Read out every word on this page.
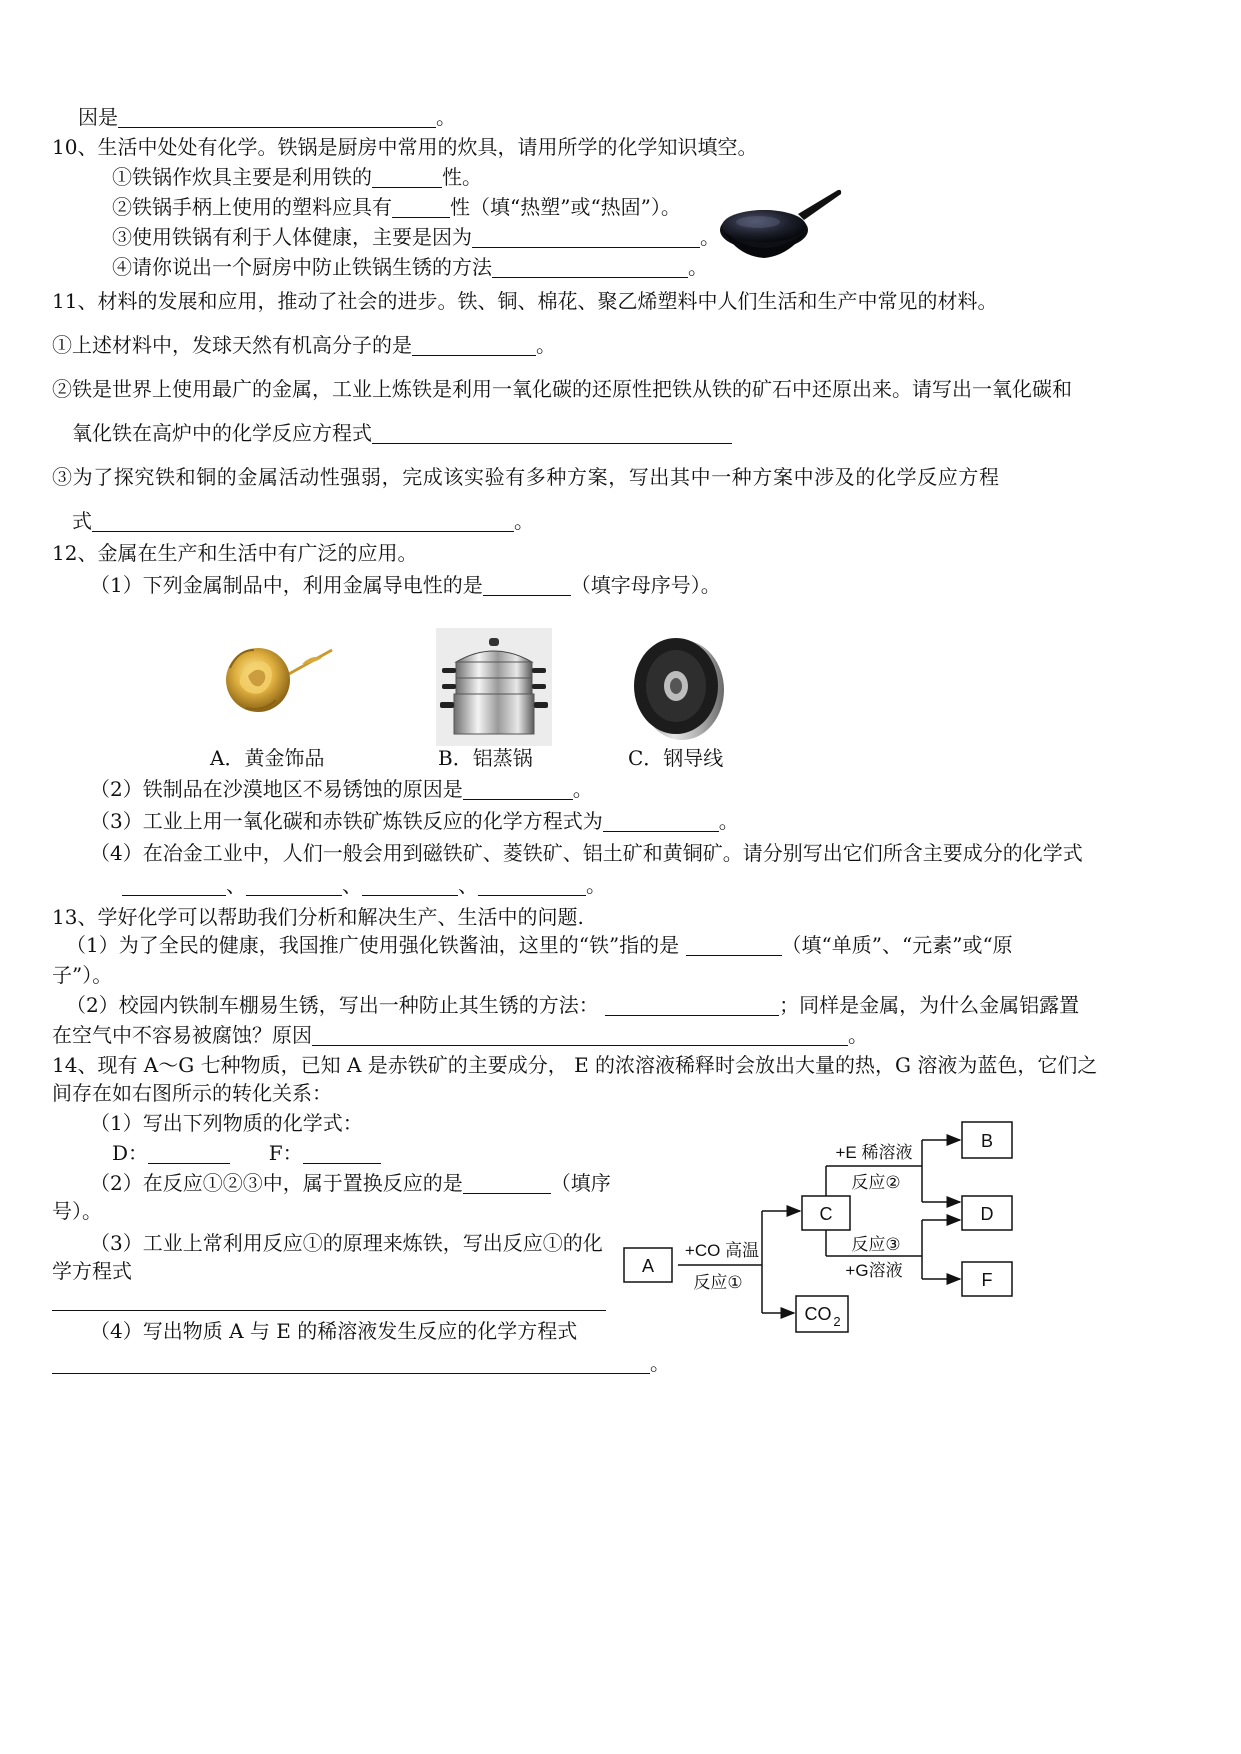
因是	。
10、生活中处处有化学。铁锅是厨房中常用的炊具，请用所学的化学知识填空。
①铁锅作炊具主要是利用铁的	性。
②铁锅手柄上使用的塑料应具有	性（填“热塑”或“热固”）。
③使用铁锅有利于人体健康，主要是因为	。
④请你说出一个厨房中防止铁锅生锈的方法	。
11、材料的发展和应用，推动了社会的进步。铁、铜、棉花、聚乙烯塑料中人们生活和生产中常见的材料。
①上述材料中，发球天然有机高分子的是	。
②铁是世界上使用最广的金属，工业上炼铁是利用一氧化碳的还原性把铁从铁的矿石中还原出来。请写出一氧化碳和
氧化铁在高炉中的化学反应方程式
③为了探究铁和铜的金属活动性强弱，完成该实验有多种方案，写出其中一种方案中涉及的化学反应方程
式	。
12、金属在生产和生活中有广泛的应用。
（1）下列金属制品中，利用金属导电性的是	（填字母序号）。
A．黄金饰品	B．铝蒸锅	C．钢导线
（2）铁制品在沙漠地区不易锈蚀的原因是	。
（3）工业上用一氧化碳和赤铁矿炼铁反应的化学方程式为	。
（4）在冶金工业中，人们一般会用到磁铁矿、菱铁矿、铝土矿和黄铜矿。请分别写出它们所含主要成分的化学式
、	、	、	。
13、学好化学可以帮助我们分析和解决生产、生活中的问题.
（1）为了全民的健康，我国推广使用强化铁酱油，这里的“铁”指的是	（填“单质”、“元素”或“原
子”）。
（2）校园内铁制车棚易生锈，写出一种防止其生锈的方法：	；同样是金属，为什么金属铝露置
在空气中不容易被腐蚀？原因	。
14、现有 A～G 七种物质，已知 A 是赤铁矿的主要成分， E 的浓溶液稀释时会放出大量的热，G 溶液为蓝色，它们之
间存在如右图所示的转化关系：
（1）写出下列物质的化学式：
D：	F：
（2）在反应①②③中，属于置换反应的是	（填序
号）。
（3）工业上常利用反应①的原理来炼铁，写出反应①的化
学方程式
（4）写出物质 A 与 E 的稀溶液发生反应的化学方程式
。
A
C
B
D
F
CO 2
+CO 高温
反应①
+E 稀溶液
反应②
反应③
+G溶液
